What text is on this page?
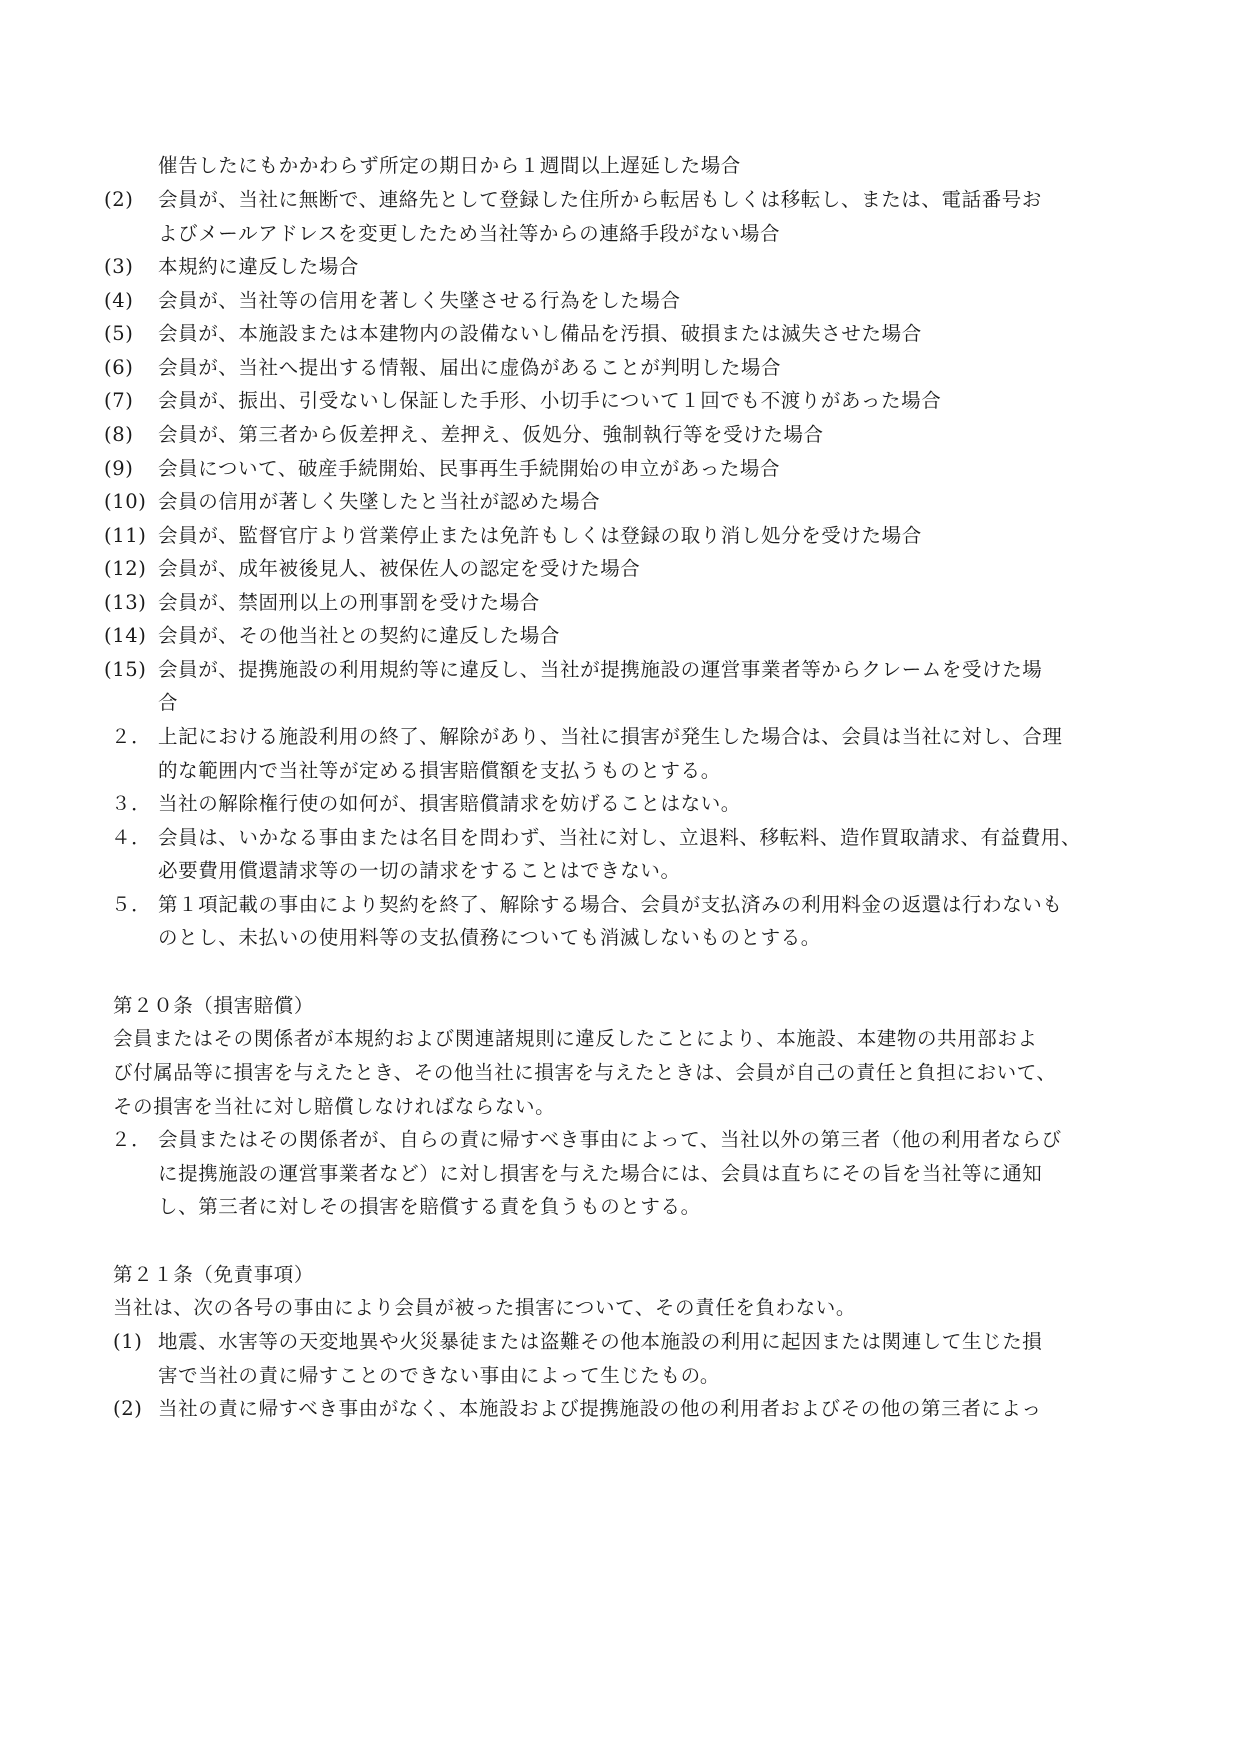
催告したにもかかわらず所定の期日から１週間以上遅延した場合
(2) 会員が、当社に無断で、連絡先として登録した住所から転居もしくは移転し、または、電話番号お
よびメールアドレスを変更したため当社等からの連絡手段がない場合
(3) 本規約に違反した場合
(4) 会員が、当社等の信用を著しく失墜させる行為をした場合
(5) 会員が、本施設または本建物内の設備ないし備品を汚損、破損または滅失させた場合
(6) 会員が、当社へ提出する情報、届出に虚偽があることが判明した場合
(7) 会員が、振出、引受ないし保証した手形、小切手について１回でも不渡りがあった場合
(8) 会員が、第三者から仮差押え、差押え、仮処分、強制執行等を受けた場合
(9) 会員について、破産手続開始、民事再生手続開始の申立があった場合
(10) 会員の信用が著しく失墜したと当社が認めた場合
(11) 会員が、監督官庁より営業停止または免許もしくは登録の取り消し処分を受けた場合
(12) 会員が、成年被後見人、被保佐人の認定を受けた場合
(13) 会員が、禁固刑以上の刑事罰を受けた場合
(14) 会員が、その他当社との契約に違反した場合
(15) 会員が、提携施設の利用規約等に違反し、当社が提携施設の運営事業者等からクレームを受けた場
合
２． 上記における施設利用の終了、解除があり、当社に損害が発生した場合は、会員は当社に対し、合理
的な範囲内で当社等が定める損害賠償額を支払うものとする。
３． 当社の解除権行使の如何が、損害賠償請求を妨げることはない。
４． 会員は、いかなる事由または名目を問わず、当社に対し、立退料、移転料、造作買取請求、有益費用、
必要費用償還請求等の一切の請求をすることはできない。
５． 第１項記載の事由により契約を終了、解除する場合、会員が支払済みの利用料金の返還は行わないも
のとし、未払いの使用料等の支払債務についても消滅しないものとする。
第２０条（損害賠償）
会員またはその関係者が本規約および関連諸規則に違反したことにより、本施設、本建物の共用部およ
び付属品等に損害を与えたとき、その他当社に損害を与えたときは、会員が自己の責任と負担において、
その損害を当社に対し賠償しなければならない。
２． 会員またはその関係者が、自らの責に帰すべき事由によって、当社以外の第三者（他の利用者ならび
に提携施設の運営事業者など）に対し損害を与えた場合には、会員は直ちにその旨を当社等に通知
し、第三者に対しその損害を賠償する責を負うものとする。
第２１条（免責事項）
当社は、次の各号の事由により会員が被った損害について、その責任を負わない。
(1) 地震、水害等の天変地異や火災暴徒または盗難その他本施設の利用に起因または関連して生じた損
害で当社の責に帰すことのできない事由によって生じたもの。
(2) 当社の責に帰すべき事由がなく、本施設および提携施設の他の利用者およびその他の第三者によっ
